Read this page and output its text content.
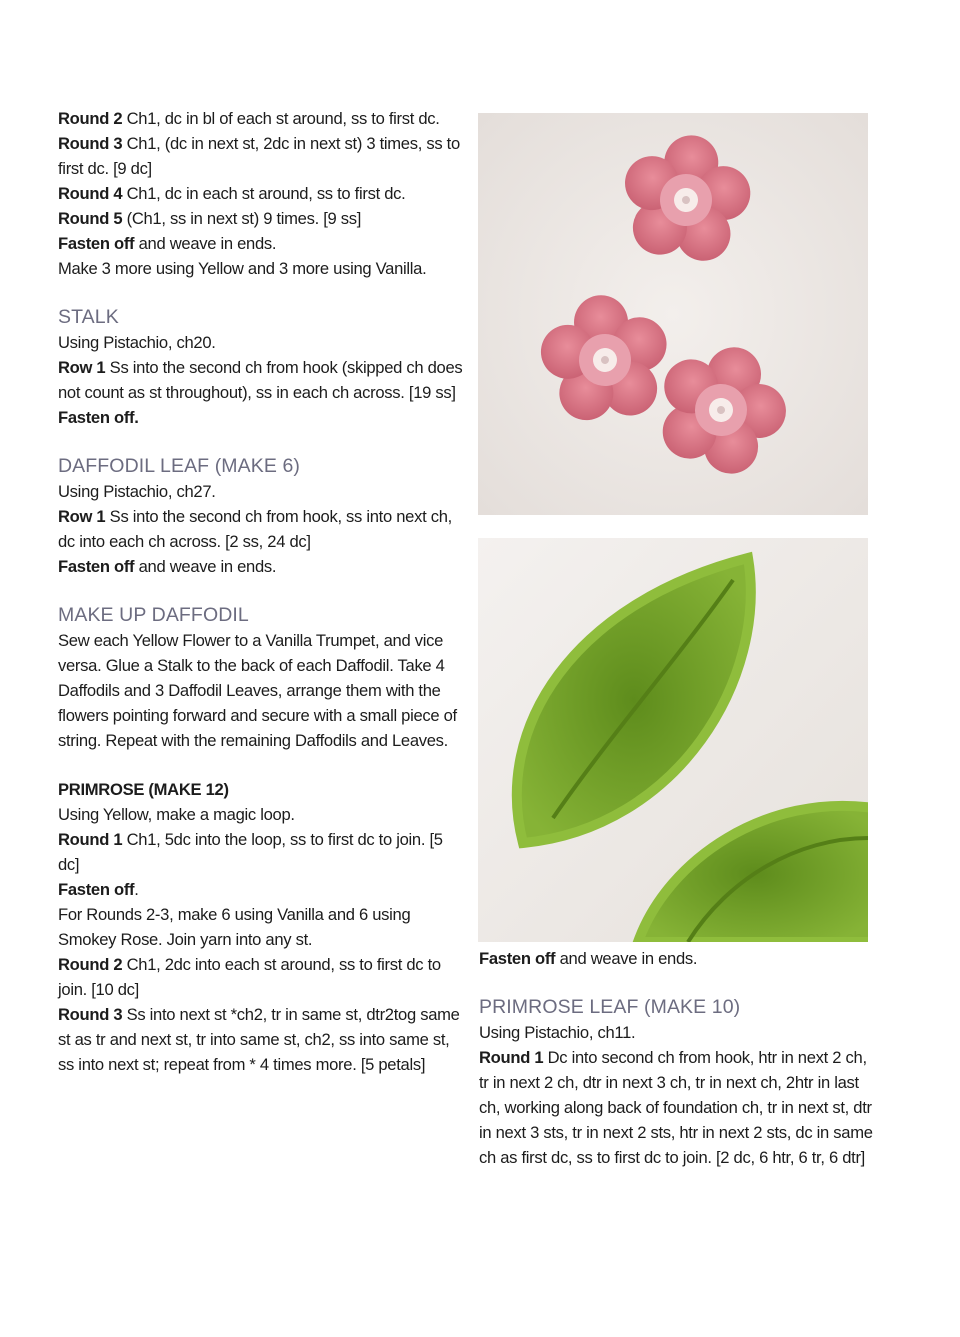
Round 2 Ch1, dc in bl of each st around, ss to first dc.

Round 3 Ch1, (dc in next st, 2dc in next st) 3 times, ss to first dc. [9 dc]

Round 4 Ch1, dc in each st around, ss to first dc.

Round 5 (Ch1, ss in next st) 9 times. [9 ss]

Fasten off and weave in ends.

Make 3 more using Yellow and 3 more using Vanilla.

STALK

Using Pistachio, ch20.

Row 1 Ss into the second ch from hook (skipped ch does not count as st throughout), ss in each ch across. [19 ss]

Fasten off.

DAFFODIL LEAF (MAKE 6)

Using Pistachio, ch27.

Row 1 Ss into the second ch from hook, ss into next ch, dc into each ch across. [2 ss, 24 dc]

Fasten off and weave in ends.

MAKE UP DAFFODIL

Sew each Yellow Flower to a Vanilla Trumpet, and vice versa. Glue a Stalk to the back of each Daffodil. Take 4 Daffodils and 3 Daffodil Leaves, arrange them with the flowers pointing forward and secure with a small piece of string. Repeat with the remaining Daffodils and Leaves.

PRIMROSE (MAKE 12)

Using Yellow, make a magic loop.

Round 1 Ch1, 5dc into the loop, ss to first dc to join. [5 dc]

Fasten off.

For Rounds 2-3, make 6 using Vanilla and 6 using Smokey Rose. Join yarn into any st.

Round 2 Ch1, 2dc into each st around, ss to first dc to join. [10 dc]

Round 3 Ss into next st *ch2, tr in same st, dtr2tog same st as tr and next st, tr into same st, ch2, ss into same st, ss into next st; repeat from * 4 times more. [5 petals]

Fasten off and weave in ends.

PRIMROSE LEAF (MAKE 10)

Using Pistachio, ch11.

Round 1 Dc into second ch from hook, htr in next 2 ch, tr in next 2 ch, dtr in next 3 ch, tr in next ch, 2htr in last ch, working along back of foundation ch, tr in next st, dtr in next 3 sts, tr in next 2 sts, htr in next 2 sts, dc in same ch as first dc, ss to first dc to join. [2 dc, 6 htr, 6 tr, 6 dtr]
